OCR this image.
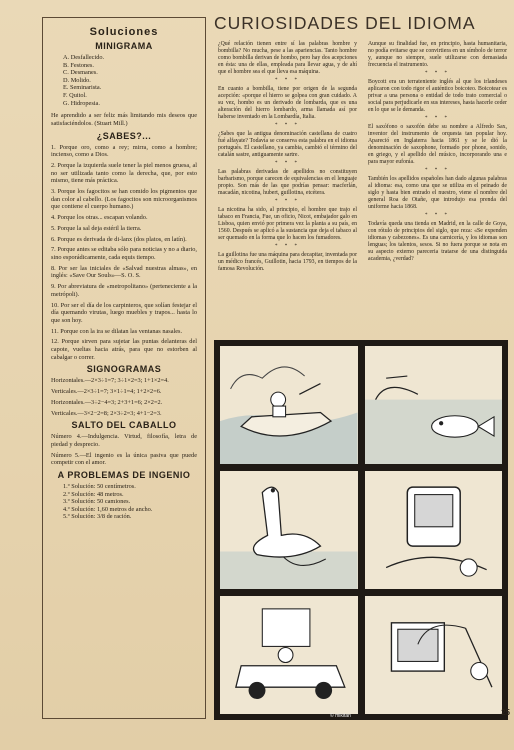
Soluciones
MINIGRAMA

A. Desfallecido.

B. Festones.

C. Desmanes.

D. Molido.

E. Seminarista.

F. Quitol.

G. Hidropesia.

He aprendido a ser feliz más limitando mis deseos que satisfaciéndolos. (Stuart Mill.)

¿SABES?...

1. Porque oro, como a rey; mirra, como a hombre; incienso, como a Dios.

2. Porque la izquierda suele tener la piel menos gruesa, al no ser utilizada tanto como la derecha, que, por esto mismo, tiene más práctica.

3. Porque los fagocitos se han comido los pigmentos que dan color al cabello. (Los fagocitos son microorganismos que contiene el cuerpo humano.)

4. Porque los otras... escapan volando.

5. Porque la sal deja estéril la tierra.

6. Porque es derivada de di-lanx (dos platos, en latín).

7. Porque antes se editaba sólo para noticias y no a diario, sino esporádicamente, cada equis tiempo.

8. Por ser las iniciales de «Salvad nuestras almas», en inglés: «Save Our Souls»—S. O. S.

9. Por abreviatura de «metropolitano» (perteneciente a la metrópoli).

10. Por ser el día de los carpinteros, que solían festejar el día quemando virutas, luego muebles y trapos... hasta lo que son hoy.

11. Porque con la ira se dilatan las ventanas nasales.

12. Porque sirven para sujetar las puntas delanteras del capote, vueltas hacia atrás, para que no estorben al cabalgar o correr.

SIGNOGRAMAS

Horizontales.—2×3÷1=7; 3÷1×2=3; 1+1×2=4.

Verticales.—2×3÷1=7; 3×1÷1=4; 1+2×2=6.

Horizontales.—3÷2−4=3; 2+3+1=6; 2×2=2.

Verticales.—3×2−2=8; 2×3÷2=3; 4+1−2=3.

SALTO DEL CABALLO

Número 4.—Indulgencia. Virtud, filosofía, letra de piedad y desprecio.

Número 5.—El ingenio es la única pasiva que puede competir con el amor.

A PROBLEMAS DE INGENIO

1.º Solución: 50 centímetros.

2.º Solución: 48 metros.

3.º Solución: 50 camiones.

4.º Solución: 1,60 metros de ancho.

5.º Solución: 3/8 de ración.

CURIOSIDADES DEL IDIOMA

¿Qué relación tienen entre sí las palabras hombre y bombilla? No mucha, pese a las apariencias. Tanto hombre como bombilla derivan de hombo, pero hay dos acepciones en ésta: una de ellas, empleada para llevar agua, y de ahí que el hombre sea el que lleva esa máquina.

* * *

En cuanto a bombilla, tiene por origen de la segunda acepción: «porque el hierro se golpea con gran cuidado. A su vez, hombo es un derivado de lombarda, que es una alteración del hierro lombardo, arma llamada así por haberse inventado en la Lombardía, Italia.

* * *

¿Sabes que la antigua denominación castellana de cuatro fué alfayate? Todavía se conserva esta palabra en el idioma portugués. El castellano, ya cambia, cambió el término del catalán sastre, antiguamente sartre.

* * *

Las palabras derivadas de apellidos no constituyen barbarismo, porque carecen de equivalencias en el lenguaje propio. Son más de las que podrías pensar: macferlán, macadán, nicotina, hubert, guillotina, etcétera.

* * *

La nicotina ha sido, al principio, el hombre que trajo el tabaco en Francia, Fue, un oficio, Nicot, embajador galo en Lisboa, quien envió por primera vez la planta a su país, en 1560. Después se aplicó a la sustancia que deja el tabaco al ser quemado en la forma que lo hacen los fumadores.

* * *

La guillotina fue una máquina para decapitar, inventada por un médico francés, Guillotin, hacia 1793, en tiempos de la famosa Revolución.

Aunque su finalidad fue, en principio, hasta humanitaria, no podía evitarse que se convirtiera en un símbolo de terror y, aunque no siempre, suele utilizarse con demasiada frecuencia el instrumento.

* * *

Boycott era un terrateniente inglés al que los irlandeses aplicaron con todo rigor el auténtico boicoteo. Boicotear es privar a una persona o entidad de todo trato comercial o social para perjudicarle en sus intereses, hasta hacerle ceder en lo que se le demanda.

* * *

El saxófono o saxofón debe su nombre a Alfredo Sax, inventor del instrumento de orquesta tan popular hoy. Apareció en Inglaterra hacia 1861 y se le dió la denominación de saxophone, formado por phone, sonido, en griego, y el apellido del músico, incorporando una e para mayor eufonía.

* * *

También los apellidos españoles han dado algunas palabras al idioma: esa, como una que se utiliza en el peinado de siglo y hasta bien entrado el nuestro, viene el nombre del general Roa de Otañe, que introdujo esa prenda del uniforme hacia 1868.

* * *

Todavía queda una tienda en Madrid, en la calle de Goya, con rótulo de principios del siglo, que reza: «Se expenden idiomas y cabezones». Es una carnicería, y los idiomas son lenguas; los talentos, sesos. Si no fuera porque se nota en su aspecto externo pareceria tratarse de una distinguida academia, ¿verdad?

© mikitan	25
